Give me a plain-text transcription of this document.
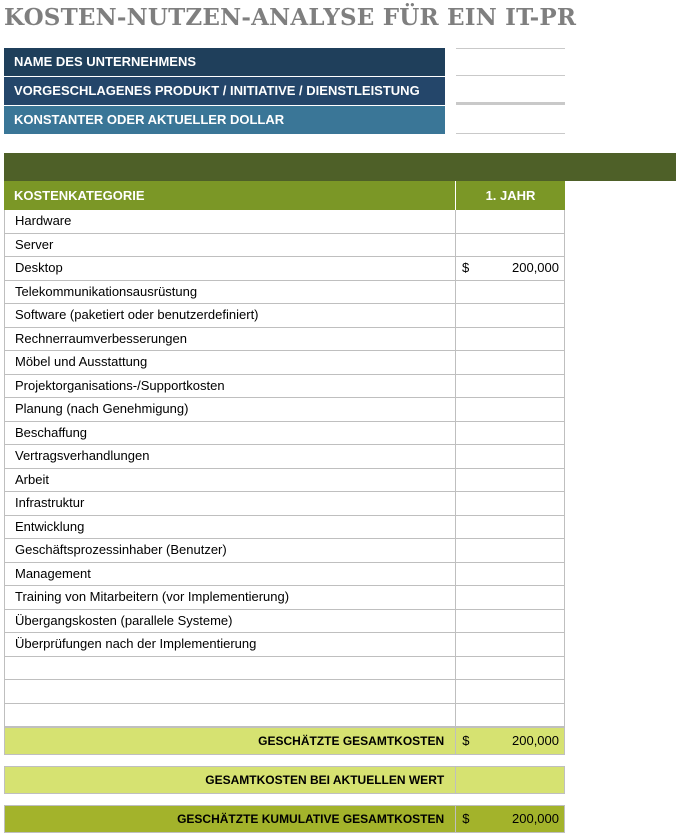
KOSTEN-NUTZEN-ANALYSE FÜR EIN IT-PR
NAME DES UNTERNEHMENS
VORGESCHLAGENES PRODUKT / INITIATIVE / DIENSTLEISTUNG
KONSTANTER ODER AKTUELLER DOLLAR
KOSTENKATEGORIE	1. JAHR
Hardware
Server
Desktop	$	200,000
Telekommunikationsausrüstung
Software (paketiert oder benutzerdefiniert)
Rechnerraumverbesserungen
Möbel und Ausstattung
Projektorganisations-/Supportkosten
Planung (nach Genehmigung)
Beschaffung
Vertragsverhandlungen
Arbeit
Infrastruktur
Entwicklung
Geschäftsprozessinhaber (Benutzer)
Management
Training von Mitarbeitern (vor Implementierung)
Übergangskosten (parallele Systeme)
Überprüfungen nach der Implementierung
GESCHÄTZTE GESAMTKOSTEN	$	200,000
GESAMTKOSTEN BEI AKTUELLEN WERT
GESCHÄTZTE KUMULATIVE GESAMTKOSTEN	$	200,000
